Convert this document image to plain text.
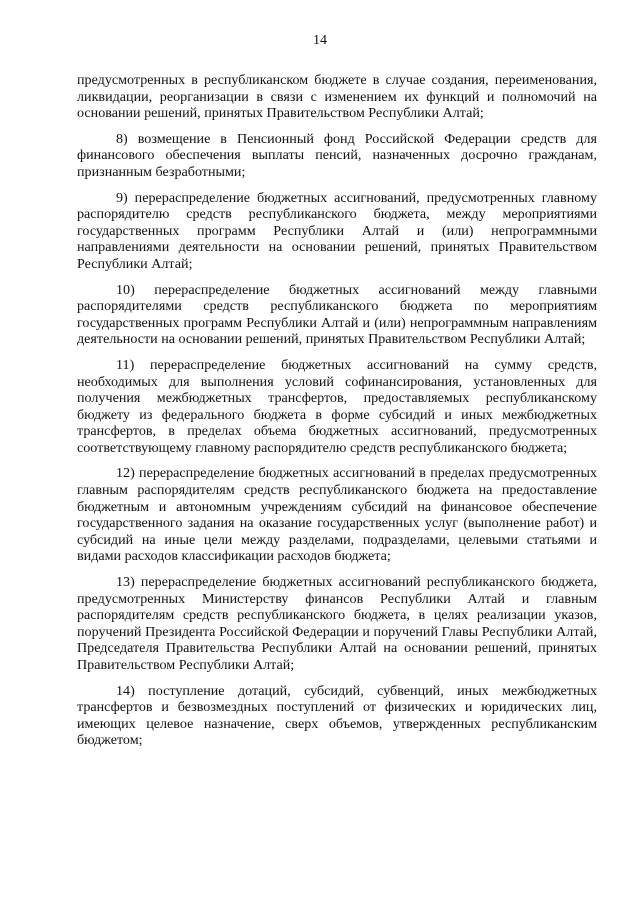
14

предусмотренных в республиканском бюджете в случае создания, переименования, ликвидации, реорганизации в связи с изменением их функций и полномочий на основании решений, принятых Правительством Республики Алтай;

8) возмещение в Пенсионный фонд Российской Федерации средств для финансового обеспечения выплаты пенсий, назначенных досрочно гражданам, признанным безработными;

9) перераспределение бюджетных ассигнований, предусмотренных главному распорядителю средств республиканского бюджета, между мероприятиями государственных программ Республики Алтай и (или) непрограммными направлениями деятельности на основании решений, принятых Правительством Республики Алтай;

10) перераспределение бюджетных ассигнований между главными распорядителями средств республиканского бюджета по мероприятиям государственных программ Республики Алтай и (или) непрограммным направлениям деятельности на основании решений, принятых Правительством Республики Алтай;

11) перераспределение бюджетных ассигнований на сумму средств, необходимых для выполнения условий софинансирования, установленных для получения межбюджетных трансфертов, предоставляемых республиканскому бюджету из федерального бюджета в форме субсидий и иных межбюджетных трансфертов, в пределах объема бюджетных ассигнований, предусмотренных соответствующему главному распорядителю средств республиканского бюджета;

12) перераспределение бюджетных ассигнований в пределах предусмотренных главным распорядителям средств республиканского бюджета на предоставление бюджетным и автономным учреждениям субсидий на финансовое обеспечение государственного задания на оказание государственных услуг (выполнение работ) и субсидий на иные цели между разделами, подразделами, целевыми статьями и видами расходов классификации расходов бюджета;

13) перераспределение бюджетных ассигнований республиканского бюджета, предусмотренных Министерству финансов Республики Алтай и главным распорядителям средств республиканского бюджета, в целях реализации указов, поручений Президента Российской Федерации и поручений Главы Республики Алтай, Председателя Правительства Республики Алтай на основании решений, принятых Правительством Республики Алтай;

14) поступление дотаций, субсидий, субвенций, иных межбюджетных трансфертов и безвозмездных поступлений от физических и юридических лиц, имеющих целевое назначение, сверх объемов, утвержденных республиканским бюджетом;
